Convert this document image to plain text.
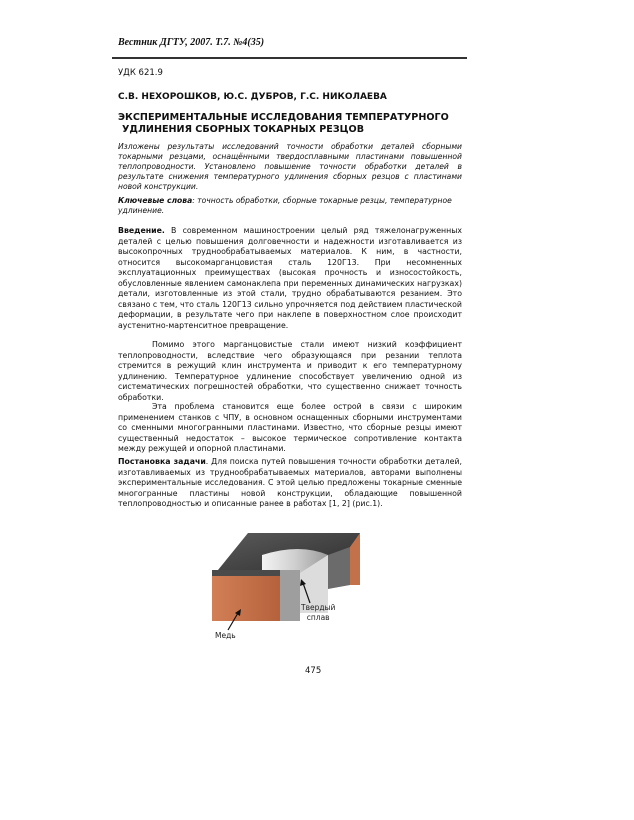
Вестник ДГТУ, 2007. Т.7. №4(35)
УДК 621.9
С.В. НЕХОРОШКОВ, Ю.С. ДУБРОВ, Г.С. НИКОЛАЕВА
ЭКСПЕРИМЕНТАЛЬНЫЕ ИССЛЕДОВАНИЯ ТЕМПЕРАТУРНОГО
УДЛИНЕНИЯ СБОРНЫХ ТОКАРНЫХ РЕЗЦОВ
Изложены результаты исследований точности обработки деталей сборными токарными резцами, оснащёнными твердосплавными пластинами повышенной теплопроводности. Установлено повышение точности обработки деталей в результате снижения температурного удлинения сборных резцов с пластинами новой конструкции.
Ключевые слова: точность обработки, сборные токарные резцы, температурное удлинение.
Введение. В современном машиностроении целый ряд тяжелонагруженных деталей с целью повышения долговечности и надежности изготавливается из высокопрочных труднообрабатываемых материалов. К ним, в частности, относится высокомарганцовистая сталь 120Г13. При несомненных эксплуатационных преимуществах (высокая прочность и износостойкость, обусловленные явлением самонаклепа при переменных динамических нагрузках) детали, изготовленные из этой стали, трудно обрабатываются резанием. Это связано с тем, что сталь 120Г13 сильно упрочняется под действием пластической деформации, в результате чего при наклепе в поверхностном слое происходит аустенитно-мартенситное превращение.
Помимо этого марганцовистые стали имеют низкий коэффициент теплопроводности, вследствие чего образующаяся при резании теплота стремится в режущий клин инструмента и приводит к его температурному удлинению. Температурное удлинение способствует увеличению одной из систематических погрешностей обработки, что существенно снижает точность обработки.
Эта проблема становится еще более острой в связи с широким применением станков с ЧПУ, в основном оснащенных сборными инструментами со сменными многогранными пластинами. Известно, что сборные резцы имеют существенный недостаток – высокое термическое сопротивление контакта между режущей и опорной пластинами.
Постановка задачи. Для поиска путей повышения точности обработки деталей, изготавливаемых из труднообрабатываемых материалов, авторами выполнены экспериментальные исследования. С этой целью предложены токарные сменные многогранные пластины новой конструкции, обладающие повышенной теплопроводностью и описанные ранее в работах [1, 2] (рис.1).
Твердый
сплав
Медь
475
